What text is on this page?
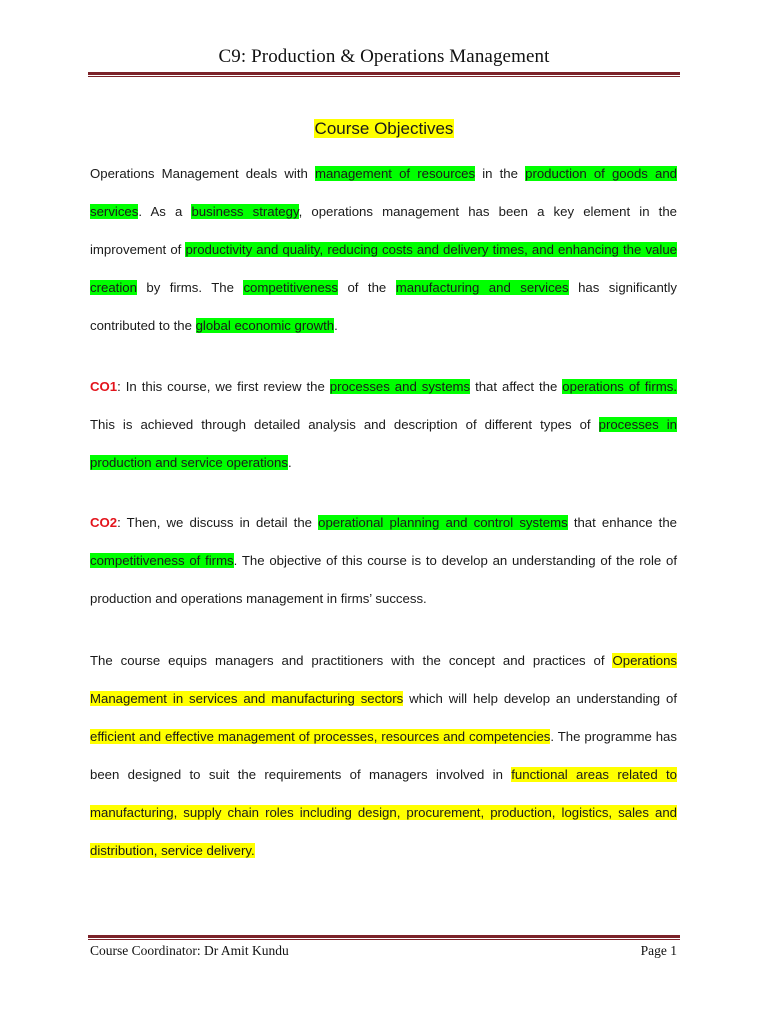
C9: Production & Operations Management
Course Objectives

Operations Management deals with management of resources in the production of goods and services. As a business strategy, operations management has been a key element in the improvement of productivity and quality, reducing costs and delivery times, and enhancing the value creation by firms. The competitiveness of the manufacturing and services has significantly contributed to the global economic growth.

CO1: In this course, we first review the processes and systems that affect the operations of firms. This is achieved through detailed analysis and description of different types of processes in production and service operations.

CO2: Then, we discuss in detail the operational planning and control systems that enhance the competitiveness of firms. The objective of this course is to develop an understanding of the role of production and operations management in firms’ success.

The course equips managers and practitioners with the concept and practices of Operations Management in services and manufacturing sectors which will help develop an understanding of efficient and effective management of processes, resources and competencies. The programme has been designed to suit the requirements of managers involved in functional areas related to manufacturing, supply chain roles including design, procurement, production, logistics, sales and distribution, service delivery.

Course Coordinator: Dr Amit Kundu	Page 1
